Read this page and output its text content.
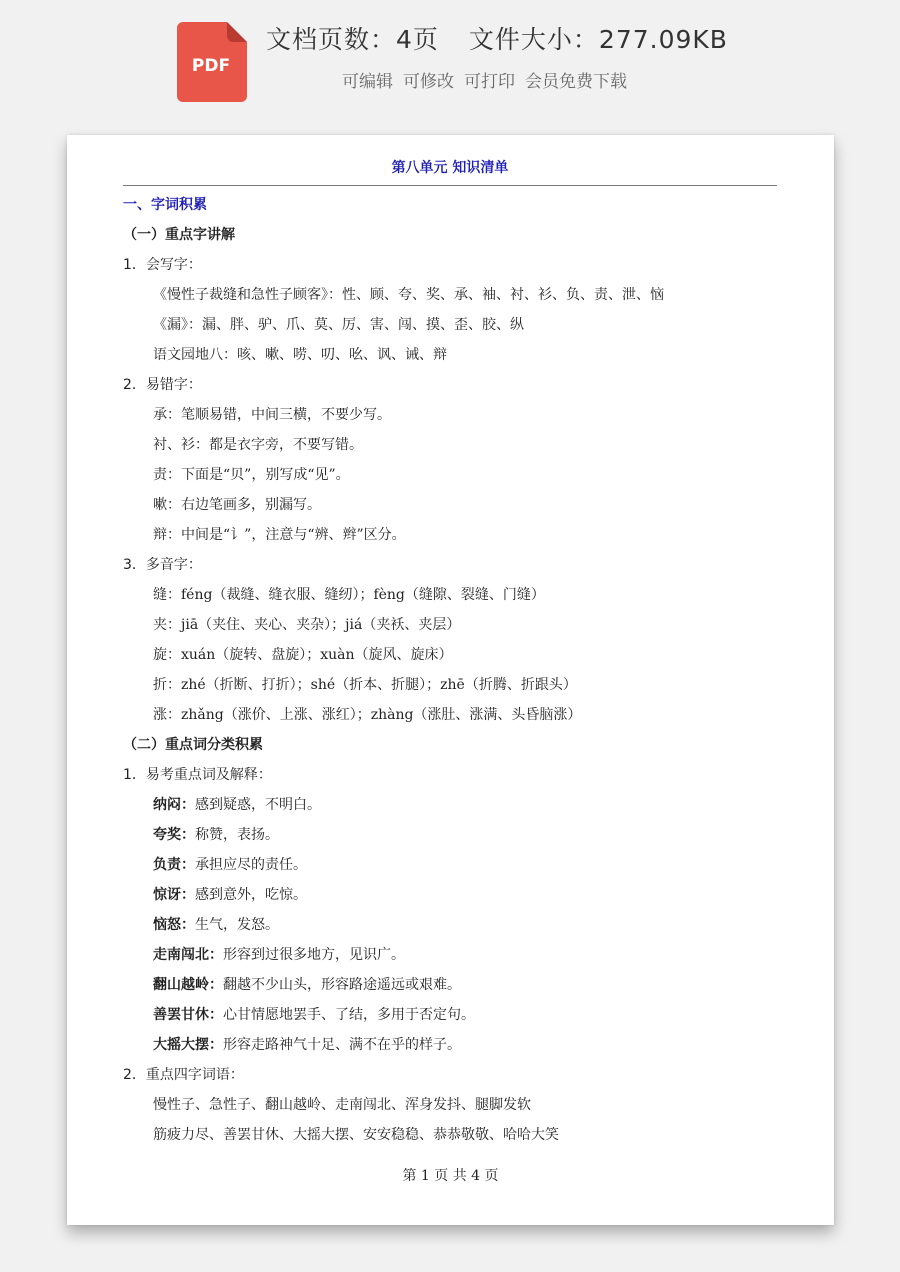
PDF
文档页数：4页 文件大小：277.09KB
可编辑 可修改 可打印 会员免费下载
第八单元 知识清单
一、字词积累
（一）重点字讲解
1．会写字：
《慢性子裁缝和急性子顾客》：性、顾、夸、奖、承、袖、衬、衫、负、责、泄、恼
《漏》：漏、胖、驴、爪、莫、厉、害、闯、摸、歪、胶、纵
语文园地八：咳、嗽、唠、叨、吆、讽、诫、辩
2．易错字：
承：笔顺易错，中间三横，不要少写。
衬、衫：都是衣字旁，不要写错。
责：下面是“贝”，别写成“见”。
嗽：右边笔画多，别漏写。
辩：中间是“讠”，注意与“辨、辫”区分。
3．多音字：
缝：féng（裁缝、缝衣服、缝纫）；fèng（缝隙、裂缝、门缝）
夹：jiā（夹住、夹心、夹杂）；jiá（夹袄、夹层）
旋：xuán（旋转、盘旋）；xuàn（旋风、旋床）
折：zhé（折断、打折）；shé（折本、折腿）；zhē（折腾、折跟头）
涨：zhǎng（涨价、上涨、涨红）；zhàng（涨肚、涨满、头昏脑涨）
（二）重点词分类积累
1．易考重点词及解释：
纳闷：感到疑惑，不明白。
夸奖：称赞，表扬。
负责：承担应尽的责任。
惊讶：感到意外，吃惊。
恼怒：生气，发怒。
走南闯北：形容到过很多地方，见识广。
翻山越岭：翻越不少山头，形容路途遥远或艰难。
善罢甘休：心甘情愿地罢手、了结，多用于否定句。
大摇大摆：形容走路神气十足、满不在乎的样子。
2．重点四字词语：
慢性子、急性子、翻山越岭、走南闯北、浑身发抖、腿脚发软
筋疲力尽、善罢甘休、大摇大摆、安安稳稳、恭恭敬敬、哈哈大笑
第 1 页 共 4 页
